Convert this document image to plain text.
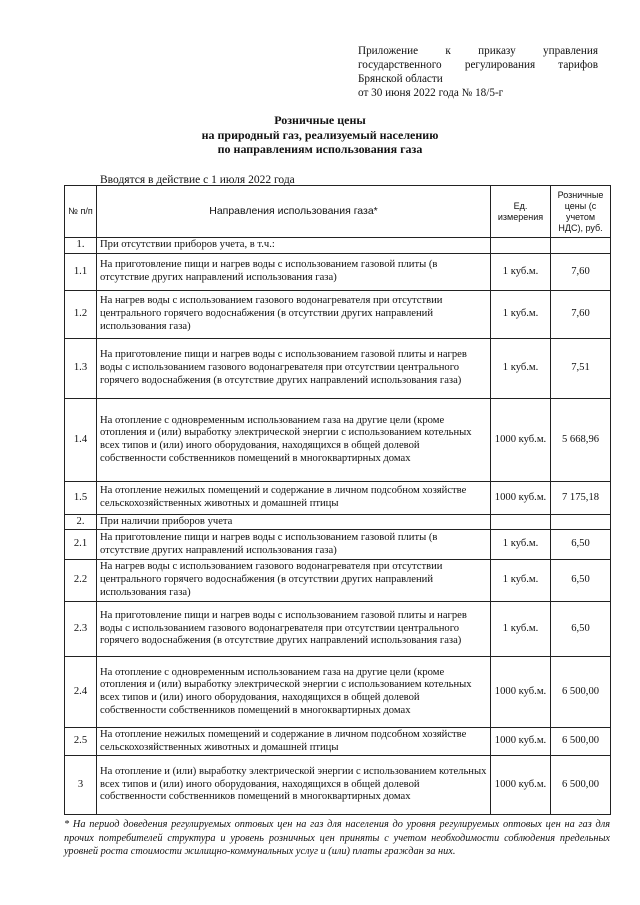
Приложение к приказу управления
государственного регулирования тарифов
Брянской области
от 30 июня 2022 года № 18/5-г
Розничные цены
на природный газ, реализуемый населению
по направлениям использования газа
Вводятся в действие с 1 июля 2022 года
№ п/п	Направления использования газа*	Ед. измерения	Розничные цены (с учетом НДС), руб.
1.	При отсутствии приборов учета, в т.ч.:		
1.1	На приготовление пищи и нагрев воды с использованием газовой плиты (в отсутствие других направлений использования газа)	1 куб.м.	7,60
1.2	На нагрев воды с использованием газового водонагревателя при отсутствии центрального горячего водоснабжения (в отсутствии других направлений использования газа)	1 куб.м.	7,60
1.3	На приготовление пищи и нагрев воды с использованием газовой плиты и нагрев воды с использованием газового водонагревателя при отсутствии центрального горячего водоснабжения (в отсутствие других направлений использования газа)	1 куб.м.	7,51
1.4	На отопление с одновременным использованием газа на другие цели (кроме отопления и (или) выработку электрической энергии с использованием котельных всех типов и (или) иного оборудования, находящихся в общей долевой собственности собственников помещений в многоквартирных домах	1000 куб.м.	5 668,96
1.5	На отопление нежилых помещений и содержание в личном подсобном хозяйстве сельскохозяйственных животных и домашней птицы	1000 куб.м.	7 175,18
2.	При наличии приборов учета		
2.1	На приготовление пищи и нагрев воды с использованием газовой плиты (в отсутствие других направлений использования газа)	1 куб.м.	6,50
2.2	На нагрев воды с использованием газового водонагревателя при отсутствии центрального горячего водоснабжения (в отсутствии других направлений использования газа)	1 куб.м.	6,50
2.3	На приготовление пищи и нагрев воды с использованием газовой плиты и нагрев воды с использованием газового водонагревателя при отсутствии центрального горячего водоснабжения (в отсутствие других направлений использования газа)	1 куб.м.	6,50
2.4	На отопление с одновременным использованием газа на другие цели (кроме отопления и (или) выработку электрической энергии с использованием котельных всех типов и (или) иного оборудования, находящихся в общей долевой собственности собственников помещений в многоквартирных домах	1000 куб.м.	6 500,00
2.5	На отопление нежилых помещений и содержание в личном подсобном хозяйстве сельскохозяйственных животных и домашней птицы	1000 куб.м.	6 500,00
3	На отопление и (или) выработку электрической энергии с использованием котельных всех типов и (или) иного оборудования, находящихся в общей долевой собственности собственников помещений в многоквартирных домах	1000 куб.м.	6 500,00
* На период доведения регулируемых оптовых цен на газ для населения до уровня регулируемых оптовых цен на газ для прочих потребителей структура и уровень розничных цен приняты с учетом необходимости соблюдения предельных уровней роста стоимости жилищно-коммунальных услуг и (или) платы граждан за них.
